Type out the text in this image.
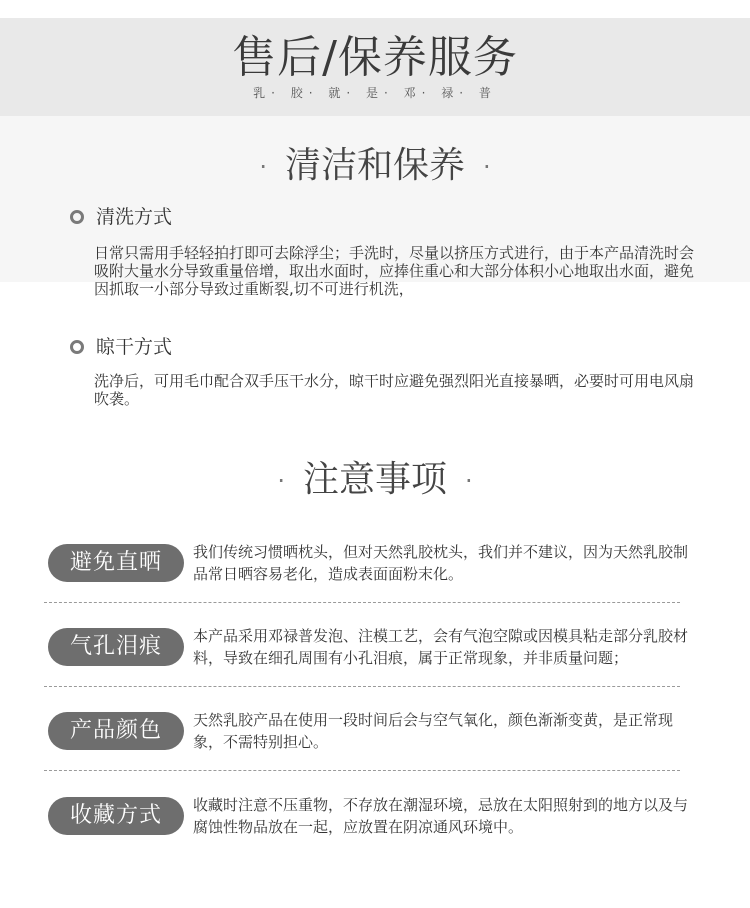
售后/保养服务
乳· 胶· 就· 是· 邓· 禄· 普
· 清洁和保养 ·
清洗方式
日常只需用手轻轻拍打即可去除浮尘；手洗时，尽量以挤压方式进行，由于本产品清洗时会吸附大量水分导致重量倍增，取出水面时，应捧住重心和大部分体积小心地取出水面，避免因抓取一小部分导致过重断裂,切不可进行机洗，
晾干方式
洗净后，可用毛巾配合双手压干水分，晾干时应避免强烈阳光直接暴晒，必要时可用电风扇吹袭。
· 注意事项 ·
避免直晒	我们传统习惯晒枕头，但对天然乳胶枕头，我们并不建议，因为天然乳胶制品常日晒容易老化，造成表面面粉末化。
气孔泪痕	本产品采用邓禄普发泡、注模工艺，会有气泡空隙或因模具粘走部分乳胶材料，导致在细孔周围有小孔泪痕，属于正常现象，并非质量问题；
产品颜色	天然乳胶产品在使用一段时间后会与空气氧化，颜色渐渐变黄，是正常现象，不需特别担心。
收藏方式	收藏时注意不压重物，不存放在潮湿环境，忌放在太阳照射到的地方以及与腐蚀性物品放在一起，应放置在阴凉通风环境中。
